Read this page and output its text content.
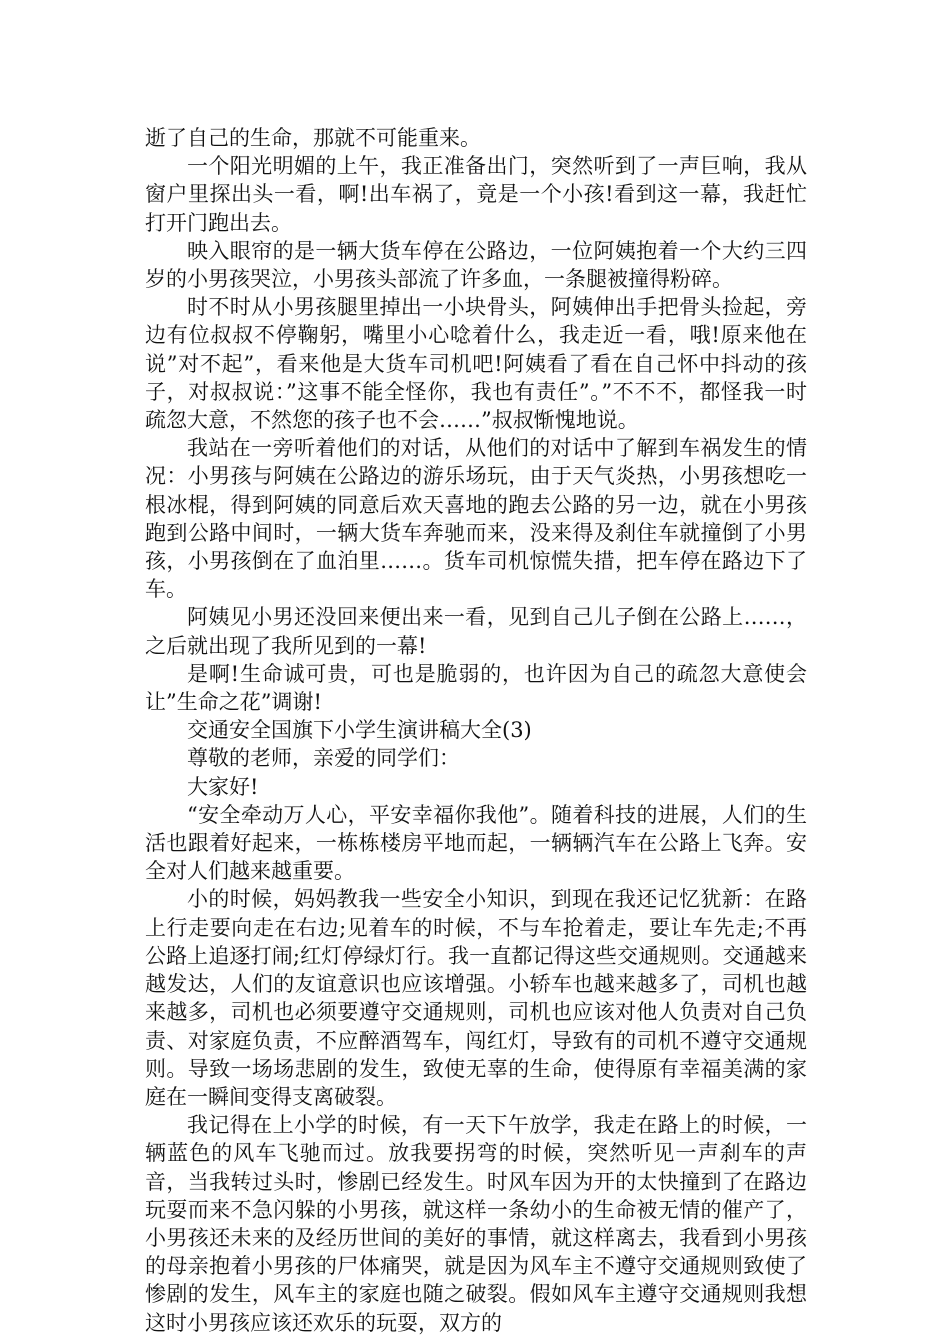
逝了自己的生命，那就不可能重来。

一个阳光明媚的上午，我正准备出门，突然听到了一声巨响，我从窗户里探出头一看，啊!出车祸了，竟是一个小孩!看到这一幕，我赶忙打开门跑出去。

映入眼帘的是一辆大货车停在公路边，一位阿姨抱着一个大约三四岁的小男孩哭泣，小男孩头部流了许多血，一条腿被撞得粉碎。

时不时从小男孩腿里掉出一小块骨头，阿姨伸出手把骨头捡起，旁边有位叔叔不停鞠躬，嘴里小心唸着什么，我走近一看，哦!原来他在说”对不起”，看来他是大货车司机吧!阿姨看了看在自己怀中抖动的孩子，对叔叔说：”这事不能全怪你，我也有责任”。”不不不，都怪我一时疏忽大意，不然您的孩子也不会……”叔叔惭愧地说。

我站在一旁听着他们的对话，从他们的对话中了解到车祸发生的情况：小男孩与阿姨在公路边的游乐场玩，由于天气炎热，小男孩想吃一根冰棍，得到阿姨的同意后欢天喜地的跑去公路的另一边，就在小男孩跑到公路中间时，一辆大货车奔驰而来，没来得及刹住车就撞倒了小男孩，小男孩倒在了血泊里……。货车司机惊慌失措，把车停在路边下了车。

阿姨见小男还没回来便出来一看，见到自己儿子倒在公路上……，之后就出现了我所见到的一幕!

是啊!生命诚可贵，可也是脆弱的，也许因为自己的疏忽大意使会让”生命之花”调谢!

交通安全国旗下小学生演讲稿大全(3)

尊敬的老师，亲爱的同学们：

大家好!

“安全牵动万人心，平安幸福你我他”。随着科技的进展，人们的生活也跟着好起来，一栋栋楼房平地而起，一辆辆汽车在公路上飞奔。安全对人们越来越重要。

小的时候，妈妈教我一些安全小知识，到现在我还记忆犹新：在路上行走要向走在右边;见着车的时候，不与车抢着走，要让车先走;不再公路上追逐打闹;红灯停绿灯行。我一直都记得这些交通规则。交通越来越发达，人们的友谊意识也应该增强。小轿车也越来越多了，司机也越来越多，司机也必须要遵守交通规则，司机也应该对他人负责对自己负责、对家庭负责，不应醉酒驾车，闯红灯，导致有的司机不遵守交通规则。导致一场场悲剧的发生，致使无辜的生命，使得原有幸福美满的家庭在一瞬间变得支离破裂。

我记得在上小学的时候，有一天下午放学，我走在路上的时候，一辆蓝色的风车飞驰而过。放我要拐弯的时候，突然听见一声刹车的声音，当我转过头时，惨剧已经发生。时风车因为开的太快撞到了在路边玩耍而来不急闪躲的小男孩，就这样一条幼小的生命被无情的催产了，小男孩还未来的及经历世间的美好的事情，就这样离去，我看到小男孩的母亲抱着小男孩的尸体痛哭，就是因为风车主不遵守交通规则致使了惨剧的发生，风车主的家庭也随之破裂。假如风车主遵守交通规则我想这时小男孩应该还欢乐的玩耍，双方的
